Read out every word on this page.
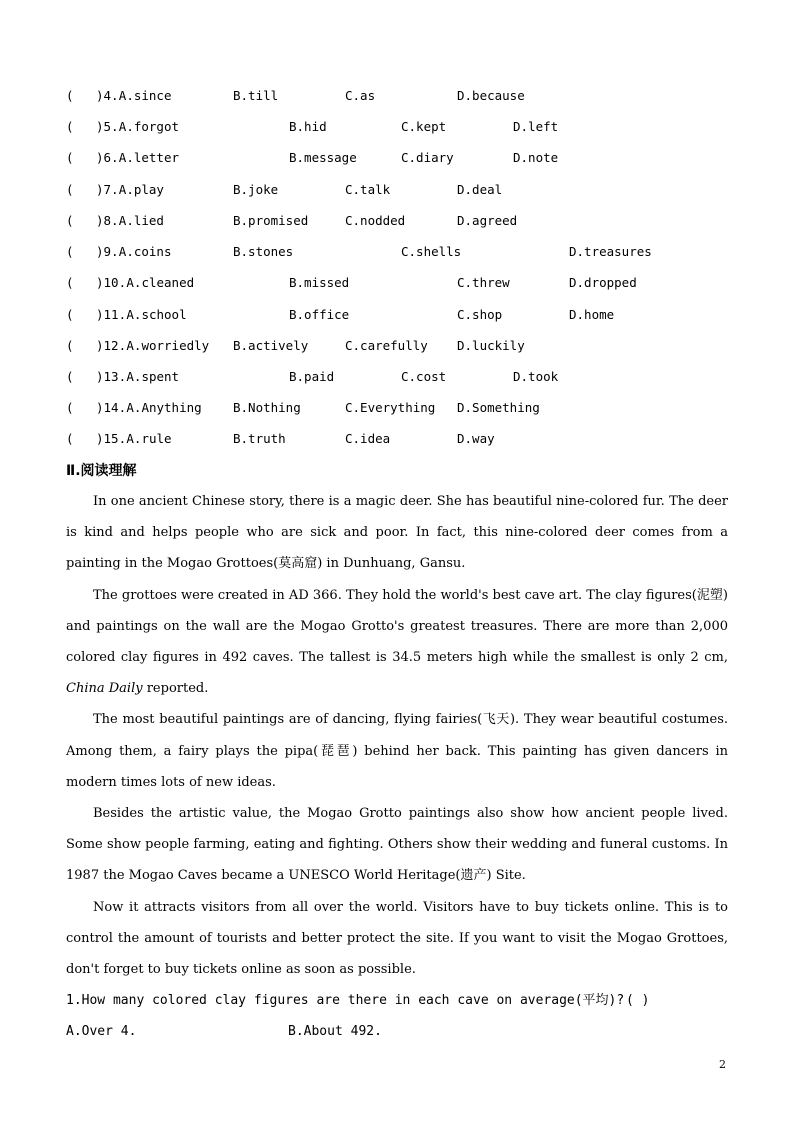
( )4. A.since	B.till	C.as	D.because
( )5. A.forgot	B.hid	C.kept	D.left
( )6. A.letter	B.message	C.diary	D.note
( )7. A.play	B.joke	C.talk	D.deal
( )8. A.lied	B.promised	C.nodded	D.agreed
( )9. A.coins	B.stones	C.shells	D.treasures
( )10. A.cleaned	B.missed	C.threw	D.dropped
( )11. A.school	B.office	C.shop	D.home
( )12. A.worriedly B.actively	C.carefully D.luckily
( )13. A.spent	B.paid	C.cost	D.took
( )14. A.Anything	B.Nothing	C.Everything D.Something
( )15. A.rule	B.truth	C.idea	D.way
Ⅱ.阅读理解

In one ancient Chinese story, there is a magic deer. She has beautiful nine-colored fur. The deer is kind and helps people who are sick and poor. In fact, this nine-colored deer comes from a painting in the Mogao Grottoes(莫高窟) in Dunhuang, Gansu.

The grottoes were created in AD 366. They hold the world's best cave art. The clay figures(泥塑) and paintings on the wall are the Mogao Grotto's greatest treasures. There are more than 2,000 colored clay figures in 492 caves. The tallest is 34.5 meters high while the smallest is only 2 cm, China Daily reported.

The most beautiful paintings are of dancing, flying fairies(飞天). They wear beautiful costumes. Among them, a fairy plays the pipa(琵琶) behind her back. This painting has given dancers in modern times lots of new ideas.

Besides the artistic value, the Mogao Grotto paintings also show how ancient people lived. Some show people farming, eating and fighting. Others show their wedding and funeral customs. In 1987 the Mogao Caves became a UNESCO World Heritage(遗产) Site.

Now it attracts visitors from all over the world. Visitors have to buy tickets online. This is to control the amount of tourists and better protect the site. If you want to visit the Mogao Grottoes, don't forget to buy tickets online as soon as possible.

1.How many colored clay figures are there in each cave on average(平均)? ( )
A.Over 4.	B.About 492.
2
